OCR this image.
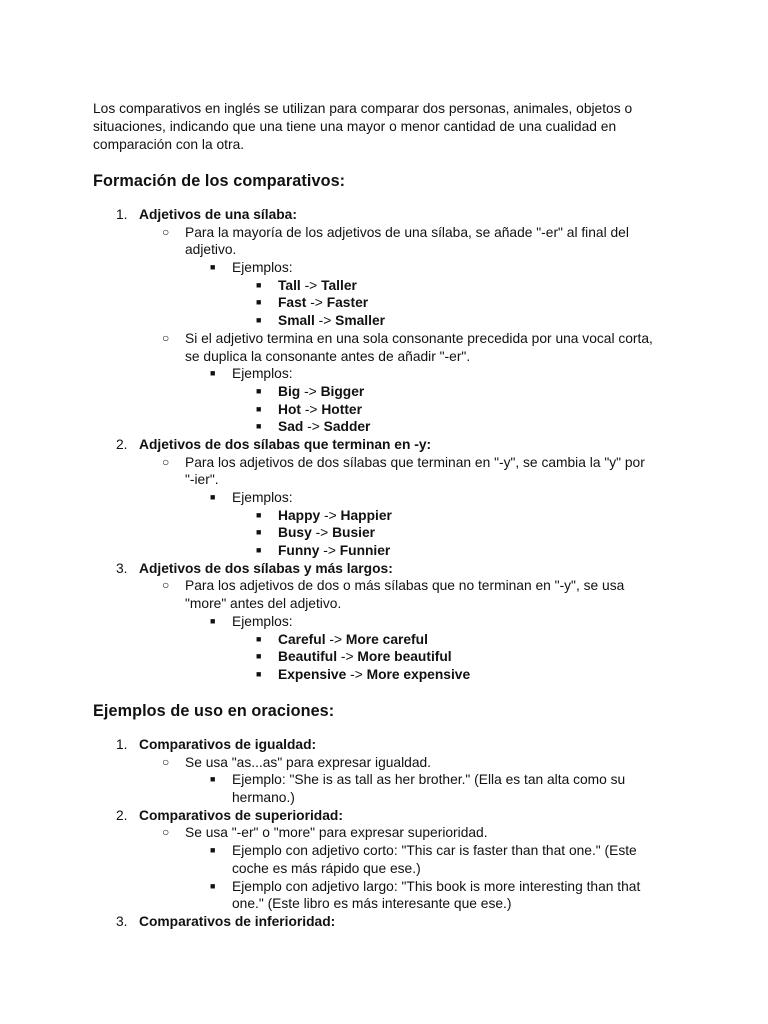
Los comparativos en inglés se utilizan para comparar dos personas, animales, objetos o situaciones, indicando que una tiene una mayor o menor cantidad de una cualidad en comparación con la otra.

Formación de los comparativos:
1. Adjetivos de una sílaba:
○ Para la mayoría de los adjetivos de una sílaba, se añade "-er" al final del
adjetivo.
■ Ejemplos:
■ Tall -> Taller
■ Fast -> Faster
■ Small -> Smaller
○ Si el adjetivo termina en una sola consonante precedida por una vocal corta,
se duplica la consonante antes de añadir "-er".
■ Ejemplos:
■ Big -> Bigger
■ Hot -> Hotter
■ Sad -> Sadder
2. Adjetivos de dos sílabas que terminan en -y:
○ Para los adjetivos de dos sílabas que terminan en "-y", se cambia la "y" por
"-ier".
■ Ejemplos:
■ Happy -> Happier
■ Busy -> Busier
■ Funny -> Funnier
3. Adjetivos de dos sílabas y más largos:
○ Para los adjetivos de dos o más sílabas que no terminan en "-y", se usa
"more" antes del adjetivo.
■ Ejemplos:
■ Careful -> More careful
■ Beautiful -> More beautiful
■ Expensive -> More expensive
Ejemplos de uso en oraciones:
1. Comparativos de igualdad:
○ Se usa "as...as" para expresar igualdad.
■ Ejemplo: "She is as tall as her brother." (Ella es tan alta como su
hermano.)
2. Comparativos de superioridad:
○ Se usa "-er" o "more" para expresar superioridad.
■ Ejemplo con adjetivo corto: "This car is faster than that one." (Este
coche es más rápido que ese.)
■ Ejemplo con adjetivo largo: "This book is more interesting than that
one." (Este libro es más interesante que ese.)
3. Comparativos de inferioridad:
